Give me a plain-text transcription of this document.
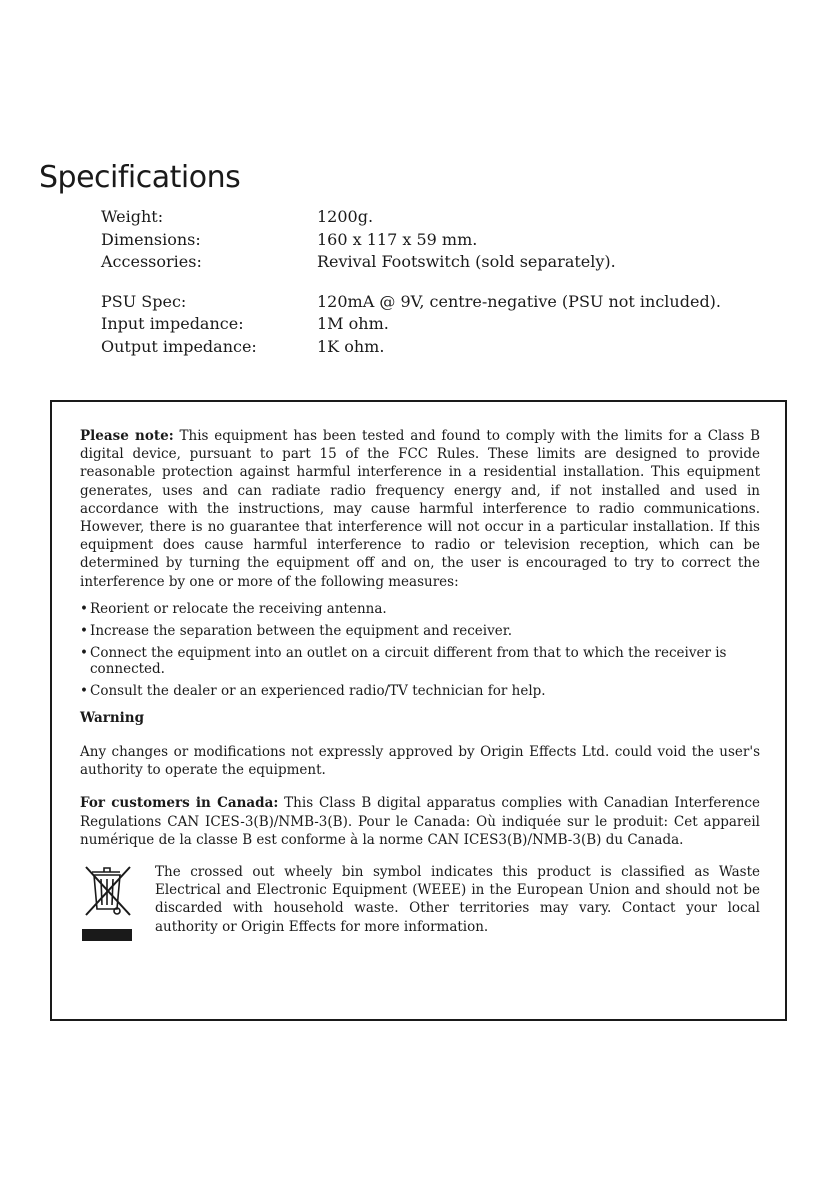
Specifications
Weight:	1200g.
Dimensions:	160 x 117 x 59 mm.
Accessories:	Revival Footswitch (sold separately).
PSU Spec:	120mA @ 9V, centre-negative (PSU not included).
Input impedance:	1M ohm.
Output impedance:	1K ohm.

Please note: This equipment has been tested and found to comply with the limits for a Class B digital device, pursuant to part 15 of the FCC Rules. These limits are designed to provide reasonable protection against harmful interference in a residential installation. This equipment generates, uses and can radiate radio frequency energy and, if not installed and used in accordance with the instructions, may cause harmful interference to radio communications. However, there is no guarantee that interference will not occur in a particular installation. If this equipment does cause harmful interference to radio or television reception, which can be determined by turning the equipment off and on, the user is encouraged to try to correct the interference by one or more of the following measures:

• Reorient or relocate the receiving antenna.
• Increase the separation between the equipment and receiver.
• Connect the equipment into an outlet on a circuit different from that to which the receiver is connected.
• Consult the dealer or an experienced radio/TV technician for help.

Warning

Any changes or modifications not expressly approved by Origin Effects Ltd. could void the user's authority to operate the equipment.

For customers in Canada: This Class B digital apparatus complies with Canadian Interference Regulations CAN ICES-3(B)/NMB-3(B). Pour le Canada: Où indiquée sur le produit: Cet appareil numérique de la classe B est conforme à la norme CAN ICES3(B)/NMB-3(B) du Canada.

The crossed out wheely bin symbol indicates this product is classified as Waste Electrical and Electronic Equipment (WEEE) in the European Union and should not be discarded with household waste. Other territories may vary. Contact your local authority or Origin Effects for more information.
